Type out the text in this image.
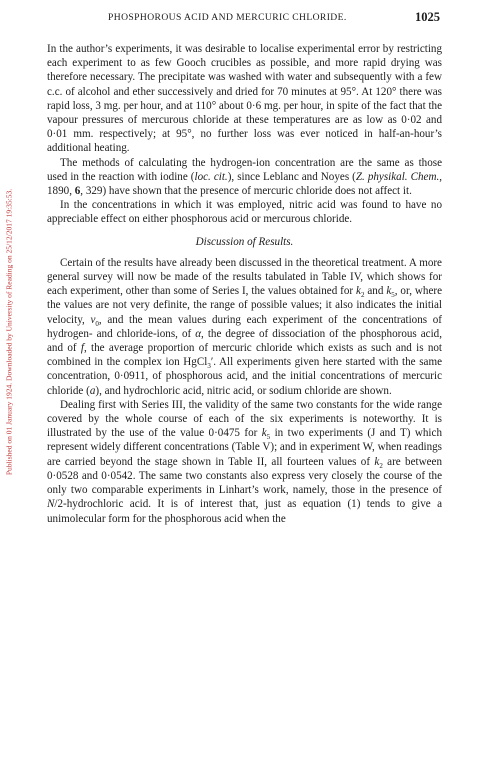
PHOSPHOROUS ACID AND MERCURIC CHLORIDE.	1025
Published on 01 January 1924. Downloaded by University of Reading on 25/12/2017 19:35:53.

In the author’s experiments, it was desirable to localise experimental error by restricting each experiment to as few Gooch crucibles as possible, and more rapid drying was therefore necessary. The precipitate was washed with water and subsequently with a few c.c. of alcohol and ether successively and dried for 70 minutes at 95°. At 120° there was rapid loss, 3 mg. per hour, and at 110° about 0·6 mg. per hour, in spite of the fact that the vapour pressures of mercurous chloride at these temperatures are as low as 0·02 and 0·01 mm. respectively; at 95°, no further loss was ever noticed in half-an-hour’s additional heating.

The methods of calculating the hydrogen-ion concentration are the same as those used in the reaction with iodine (loc. cit.), since Leblanc and Noyes (Z. physikal. Chem., 1890, 6, 329) have shown that the presence of mercuric chloride does not affect it.

In the concentrations in which it was employed, nitric acid was found to have no appreciable effect on either phosphorous acid or mercurous chloride.

Discussion of Results.

Certain of the results have already been discussed in the theoretical treatment. A more general survey will now be made of the results tabulated in Table IV, which shows for each experiment, other than some of Series I, the values obtained for $k_2$ and $k_5$, or, where the values are not very definite, the range of possible values; it also indicates the initial velocity, $v_0$, and the mean values during each experiment of the concentrations of hydrogen- and chloride-ions, of α, the degree of dissociation of the phosphorous acid, and of f, the average proportion of mercuric chloride which exists as such and is not combined in the complex ion HgCl$_3$′. All experiments given here started with the same concentration, 0·0911, of phosphorous acid, and the initial concentrations of mercuric chloride (a), and hydrochloric acid, nitric acid, or sodium chloride are shown.

Dealing first with Series III, the validity of the same two constants for the wide range covered by the whole course of each of the six experiments is noteworthy. It is illustrated by the use of the value 0·0475 for $k_5$ in two experiments (J and T) which represent widely different concentrations (Table V); and in experiment W, when readings are carried beyond the stage shown in Table II, all fourteen values of $k_2$ are between 0·0528 and 0·0542. The same two constants also express very closely the course of the only two comparable experiments in Linhart’s work, namely, those in the presence of N/2-hydrochloric acid. It is of interest that, just as equation (1) tends to give a unimolecular form for the phosphorous acid when the
